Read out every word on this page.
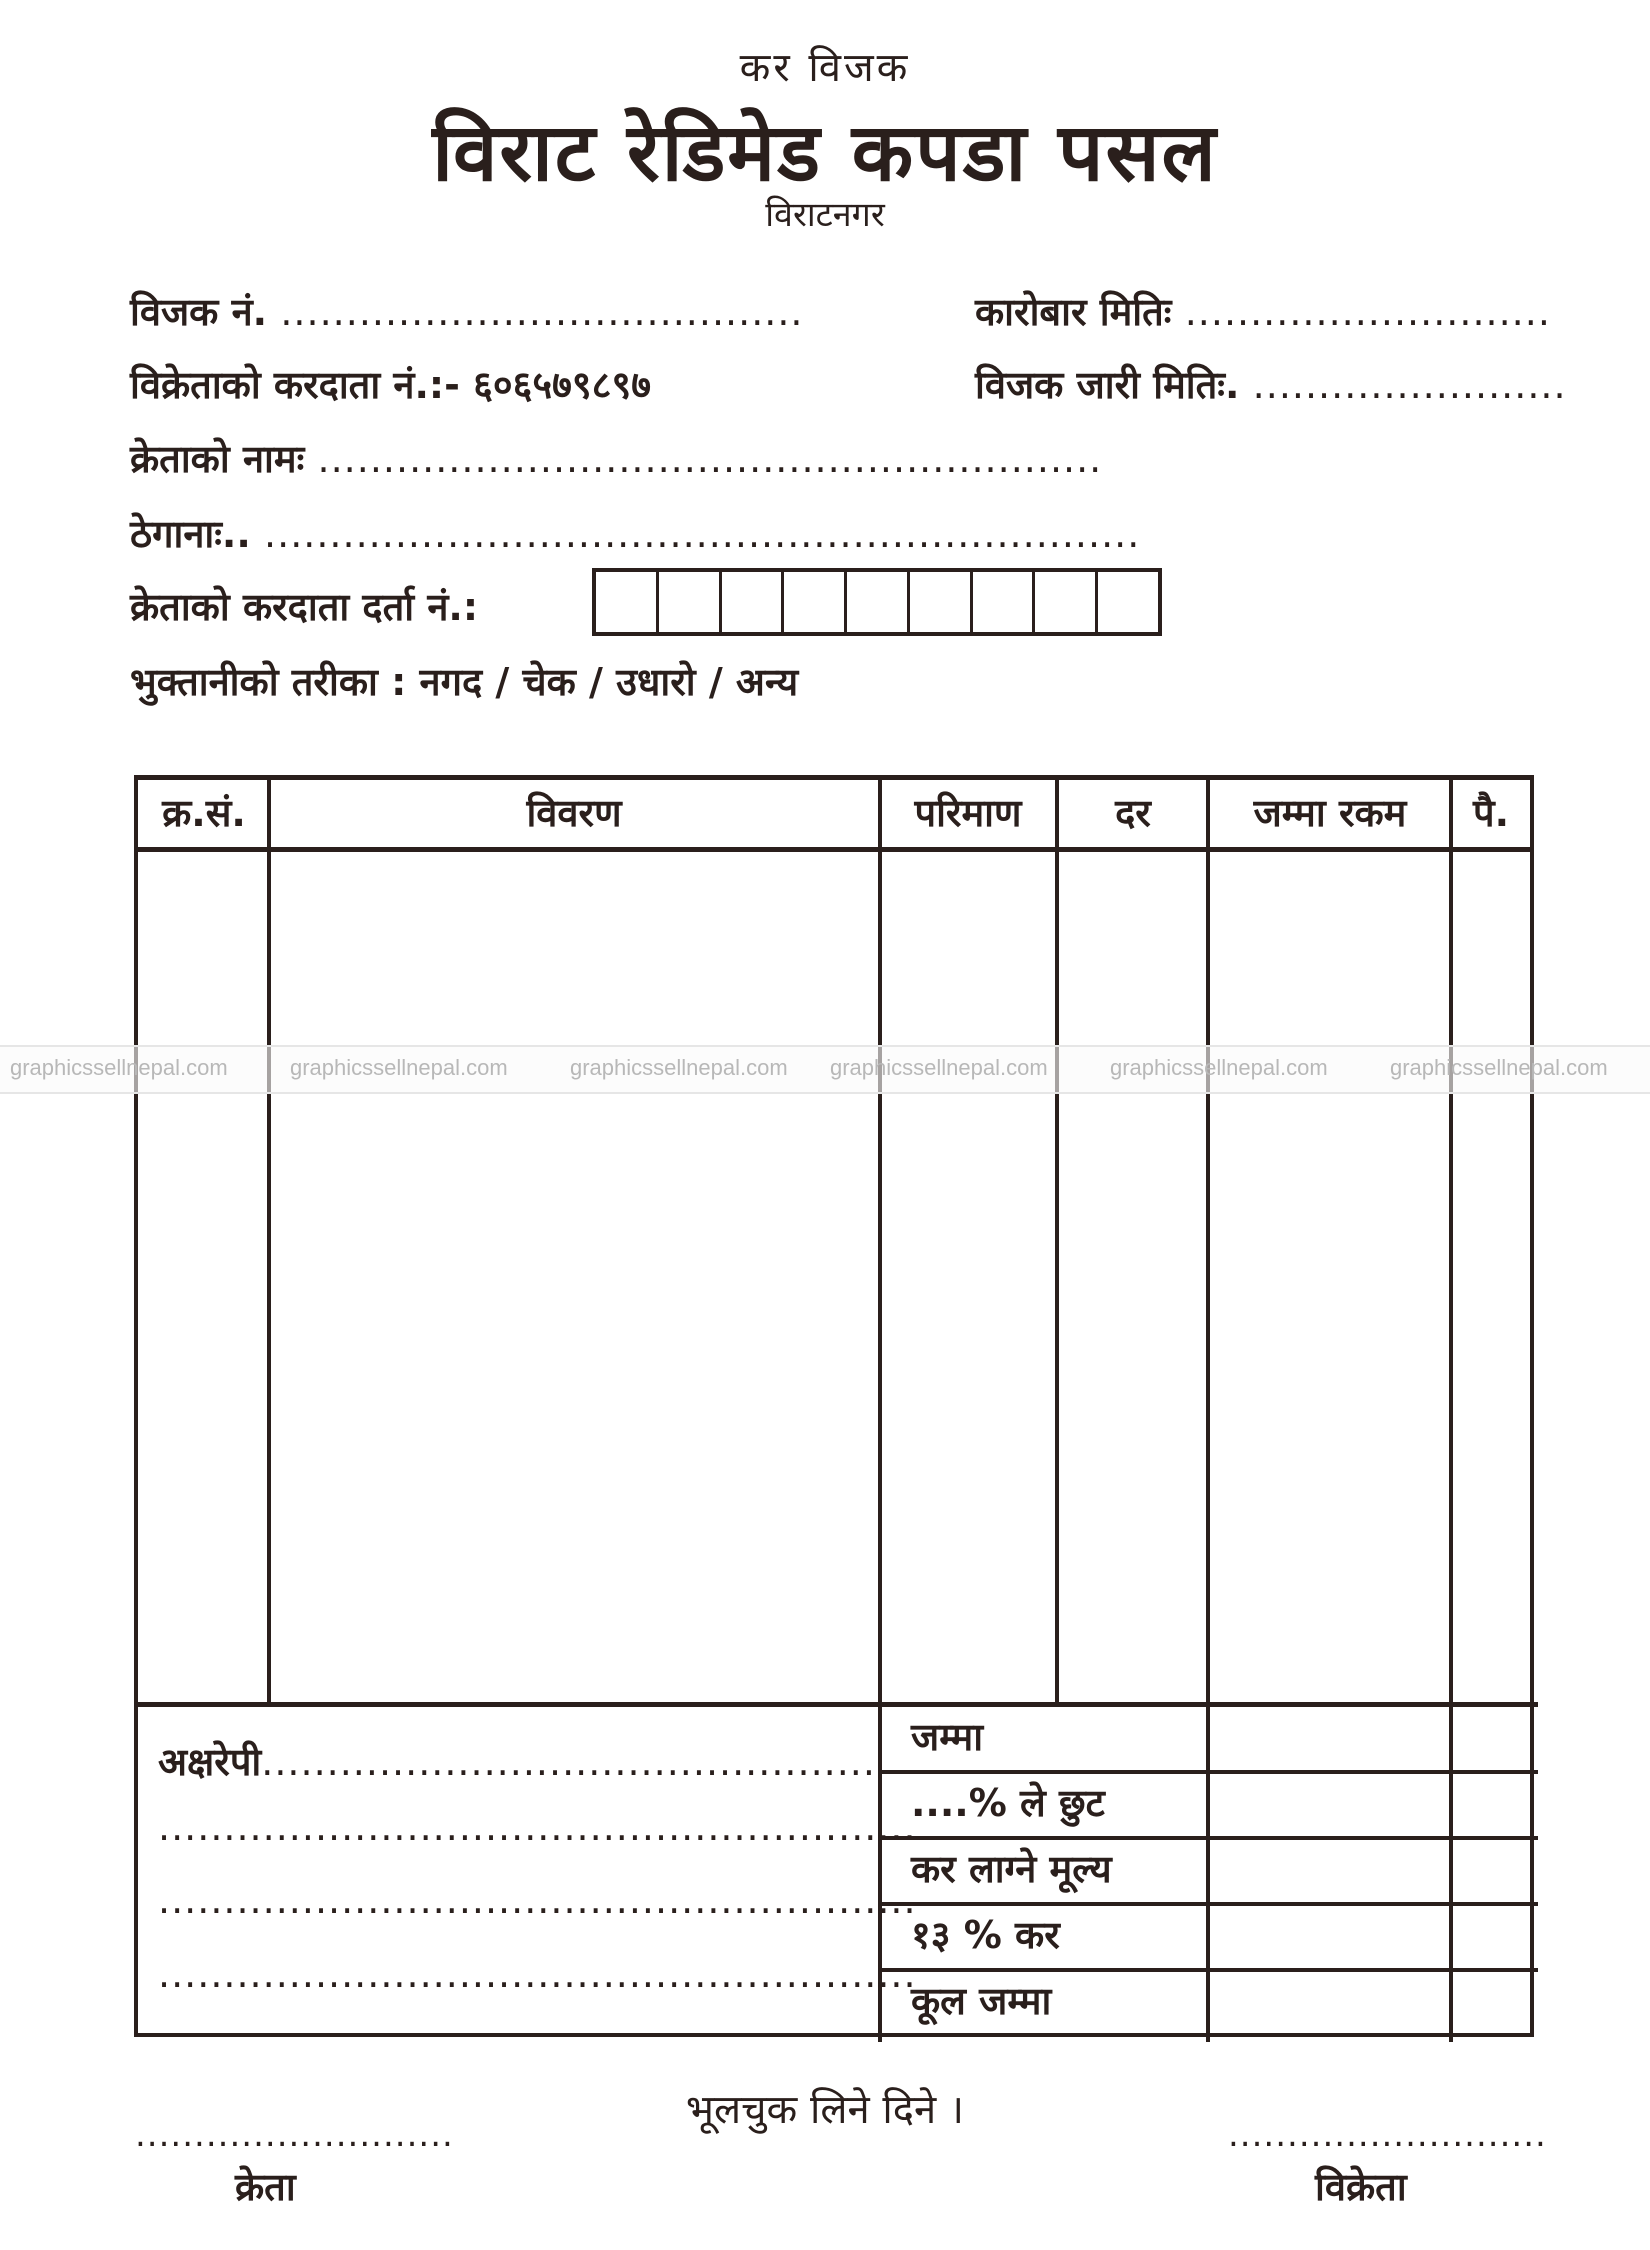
कर विजक
विराट रेडिमेड कपडा पसल
विराटनगर
विजक नं. ........................................	कारोबार मितिः ............................
विक्रेताको करदाता नं.:- ६०६५७९८९७	विजक जारी मितिः. ........................
क्रेताको नामः ............................................................
ठेगानाः.. ...................................................................
क्रेताको करदाता दर्ता नं.:
भुक्तानीको तरीका : नगद / चेक / उधारो / अन्य
क्र.सं.	विवरण	परिमाण	दर	जम्मा रकम	पै.
अक्षरेपी...............................................
..........................................................
..........................................................
..........................................................
जम्मा
....% ले छुट
कर लाग्ने मूल्य
१३ % कर
कूल जम्मा
graphicssellnepal.com	graphicssellnepal.com	graphicssellnepal.com graphicssellnepal.com	graphicssellnepal.com	graphicssellnepal.com
भूलचुक लिने दिने ।
...........................
क्रेता
...........................
विक्रेता
